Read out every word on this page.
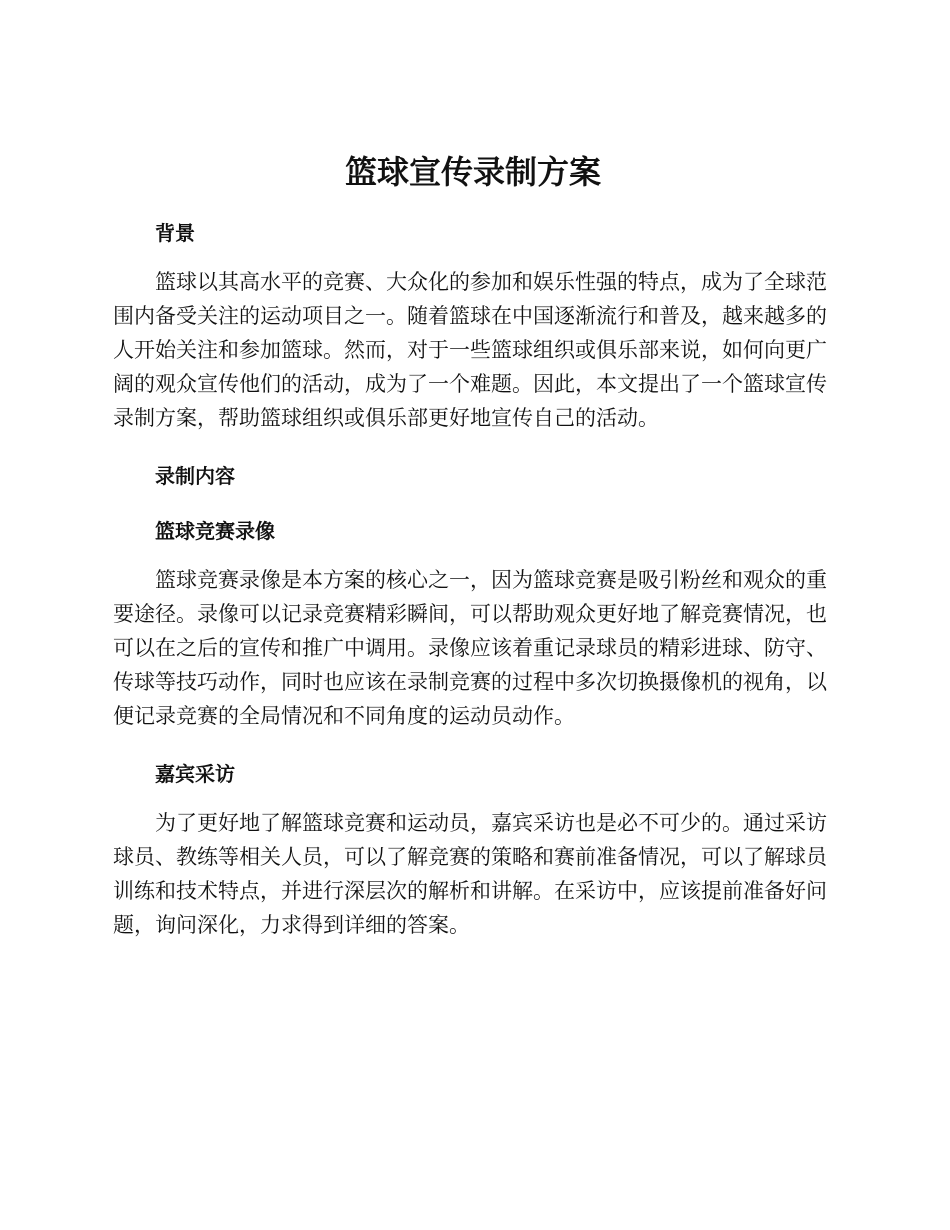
篮球宣传录制方案
背景

篮球以其高水平的竞赛、大众化的参加和娱乐性强的特点，成为了全球范围内备受关注的运动项目之一。随着篮球在中国逐渐流行和普及，越来越多的人开始关注和参加篮球。然而，对于一些篮球组织或俱乐部来说，如何向更广阔的观众宣传他们的活动，成为了一个难题。因此，本文提出了一个篮球宣传录制方案，帮助篮球组织或俱乐部更好地宣传自己的活动。

录制内容
篮球竞赛录像

篮球竞赛录像是本方案的核心之一，因为篮球竞赛是吸引粉丝和观众的重要途径。录像可以记录竞赛精彩瞬间，可以帮助观众更好地了解竞赛情况，也可以在之后的宣传和推广中调用。录像应该着重记录球员的精彩进球、防守、传球等技巧动作，同时也应该在录制竞赛的过程中多次切换摄像机的视角，以便记录竞赛的全局情况和不同角度的运动员动作。

嘉宾采访

为了更好地了解篮球竞赛和运动员，嘉宾采访也是必不可少的。通过采访球员、教练等相关人员，可以了解竞赛的策略和赛前准备情况，可以了解球员训练和技术特点，并进行深层次的解析和讲解。在采访中，应该提前准备好问题，询问深化，力求得到详细的答案。
